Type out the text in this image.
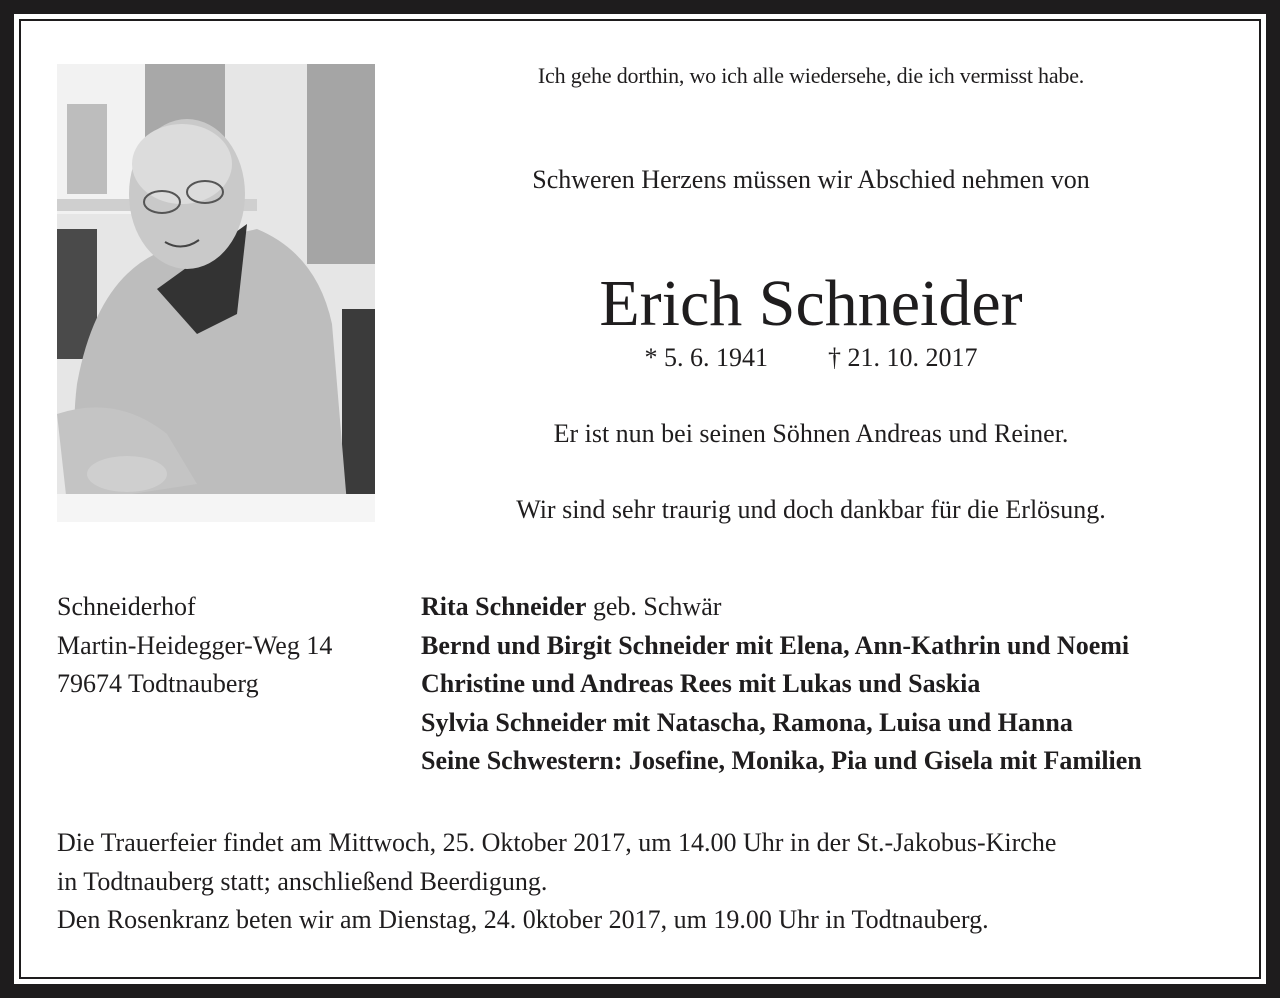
Ich gehe dorthin, wo ich alle wiedersehe, die ich vermisst habe.
Schweren Herzens müssen wir Abschied nehmen von
Erich Schneider
* 5. 6. 1941 † 21. 10. 2017
Er ist nun bei seinen Söhnen Andreas und Reiner.
Wir sind sehr traurig und doch dankbar für die Erlösung.
Schneiderhof
Martin-Heidegger-Weg 14
79674 Todtnauberg
Rita Schneider geb. Schwär
Bernd und Birgit Schneider mit Elena, Ann-Kathrin und Noemi
Christine und Andreas Rees mit Lukas und Saskia
Sylvia Schneider mit Natascha, Ramona, Luisa und Hanna
Seine Schwestern: Josefine, Monika, Pia und Gisela mit Familien
Die Trauerfeier findet am Mittwoch, 25. Oktober 2017, um 14.00 Uhr in der St.-Jakobus-Kirche
in Todtnauberg statt; anschließend Beerdigung.
Den Rosenkranz beten wir am Dienstag, 24. 0ktober 2017, um 19.00 Uhr in Todtnauberg.
